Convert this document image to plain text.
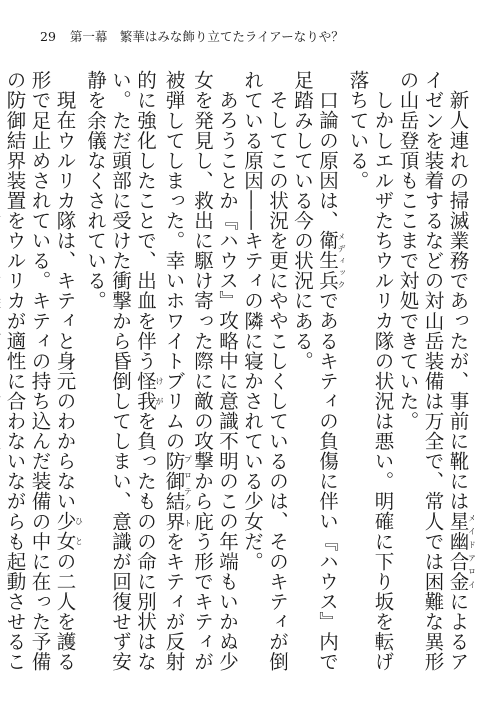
29 第一幕　繁華はみな飾り立てたライアーなりや？

新人連れの掃滅業務であったが、事前に靴には星幽合金メイドアロイによるアイゼンを装着するなどの対山岳装備は万全で、常人では困難な異形の山岳登頂もここまで対処できていた。

しかしエルザたちウルリカ隊の状況は悪い。明確に下り坂を転げ落ちている。

口論の原因は、衛生兵メディックであるキティの負傷に伴い『ハウス』内で足踏みしている今の状況にある。

そしてこの状況を更にややこしくしているのは、そのキティが倒れている原因――キティの隣に寝かされている少女だ。

あろうことか『ハウス』攻略中に意識不明のこの年端もいかぬ少女を発見し、救出に駆け寄った際に敵の攻撃から庇う形でキティが被弾してしまった。幸いホワイトブリムの防御結界プロテクトをキティが反射的に強化したことで、出血を伴う怪我けがを負ったものの命に別状はない。ただ頭部に受けた衝撃から昏倒してしまい、意識が回復せず安静を余儀なくされている。

現在ウルリカ隊は、キティと身元のわからない少女ひとの二人を護る形で足止めされている。キティの持ち込んだ装備の中に在った予備の防御結界装置をウルリカが適性に合わないながらも起動させるこ
